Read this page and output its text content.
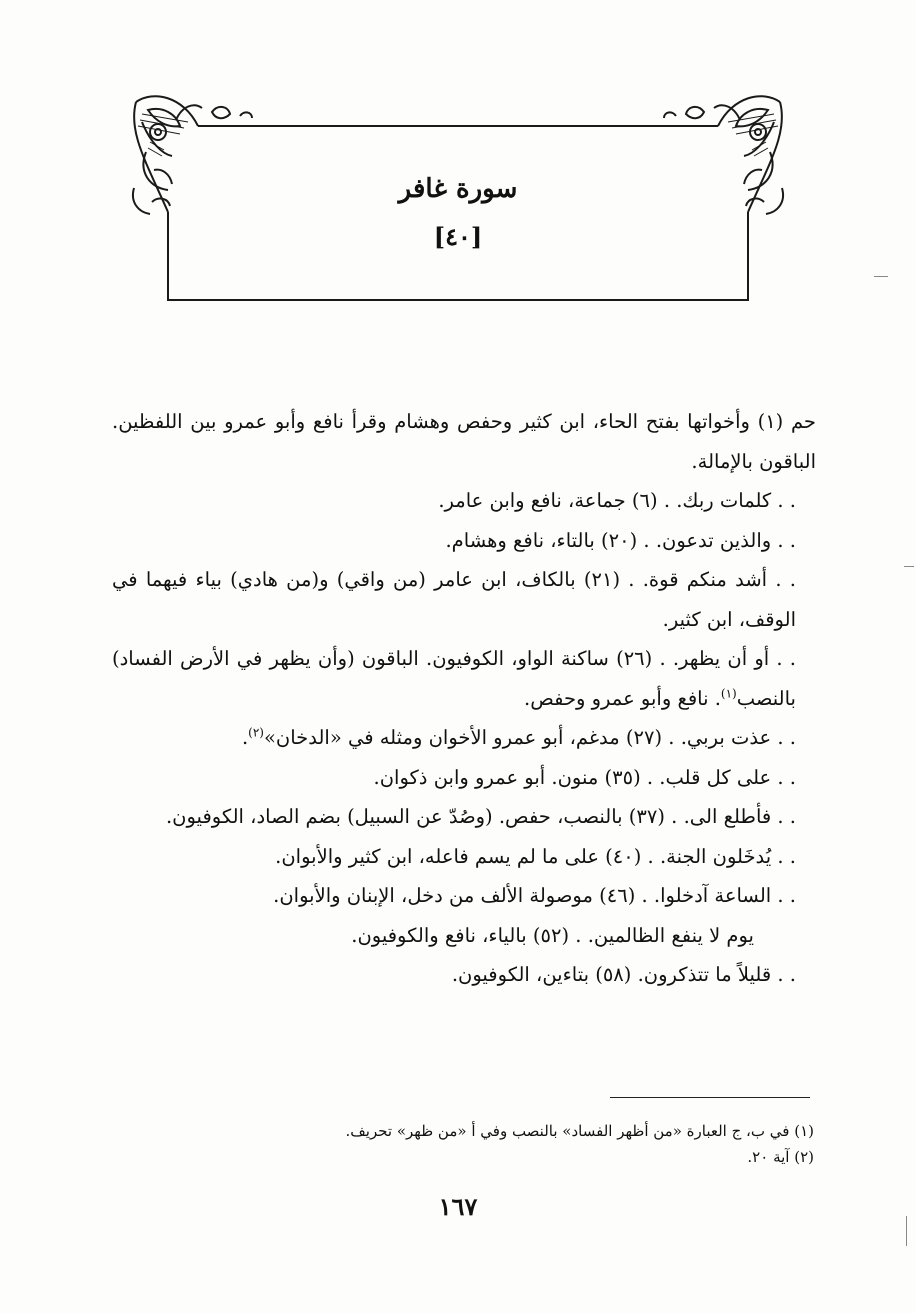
سورة غافر
[٤٠]

حم (١) وأخواتها بفتح الحاء، ابن كثير وحفص وهشام وقرأ نافع وأبو عمرو بين اللفظين. الباقون بالإمالة.

. . كلمات ربك. . (٦) جماعة، نافع وابن عامر.

. . والذين تدعون. . (٢٠) بالتاء، نافع وهشام.

. . أشد منكم قوة. . (٢١) بالكاف، ابن عامر (من واقي) و(من هادي) بياء فيهما في الوقف، ابن كثير.

. . أو أن يظهر. . (٢٦) ساكنة الواو، الكوفيون. الباقون (وأن يظهر في الأرض الفساد) بالنصب$^{(١)}$. نافع وأبو عمرو وحفص.

. . عذت بربي. . (٢٧) مدغم، أبو عمرو الأخوان ومثله في «الدخان»$^{(٢)}$.

. . على كل قلب. . (٣٥) منون. أبو عمرو وابن ذكوان.

. . فأطلع الى. . (٣٧) بالنصب، حفص. (وصُدّ عن السبيل) بضم الصاد، الكوفيون.

. . يُدخَلون الجنة. . (٤٠) على ما لم يسم فاعله، ابن كثير والأبوان.

. . الساعة آدخلوا. . (٤٦) موصولة الألف من دخل، الإبنان والأبوان.

يوم لا ينفع الظالمين. . (٥٢) بالياء، نافع والكوفيون.

. . قليلاً ما تتذكرون. (٥٨) بتاءين، الكوفيون.

(١) في ب، ج العبارة «من أظهر الفساد» بالنصب وفي أ «من ظهر» تحريف.
(٢) آية ٢٠.
١٦٧
